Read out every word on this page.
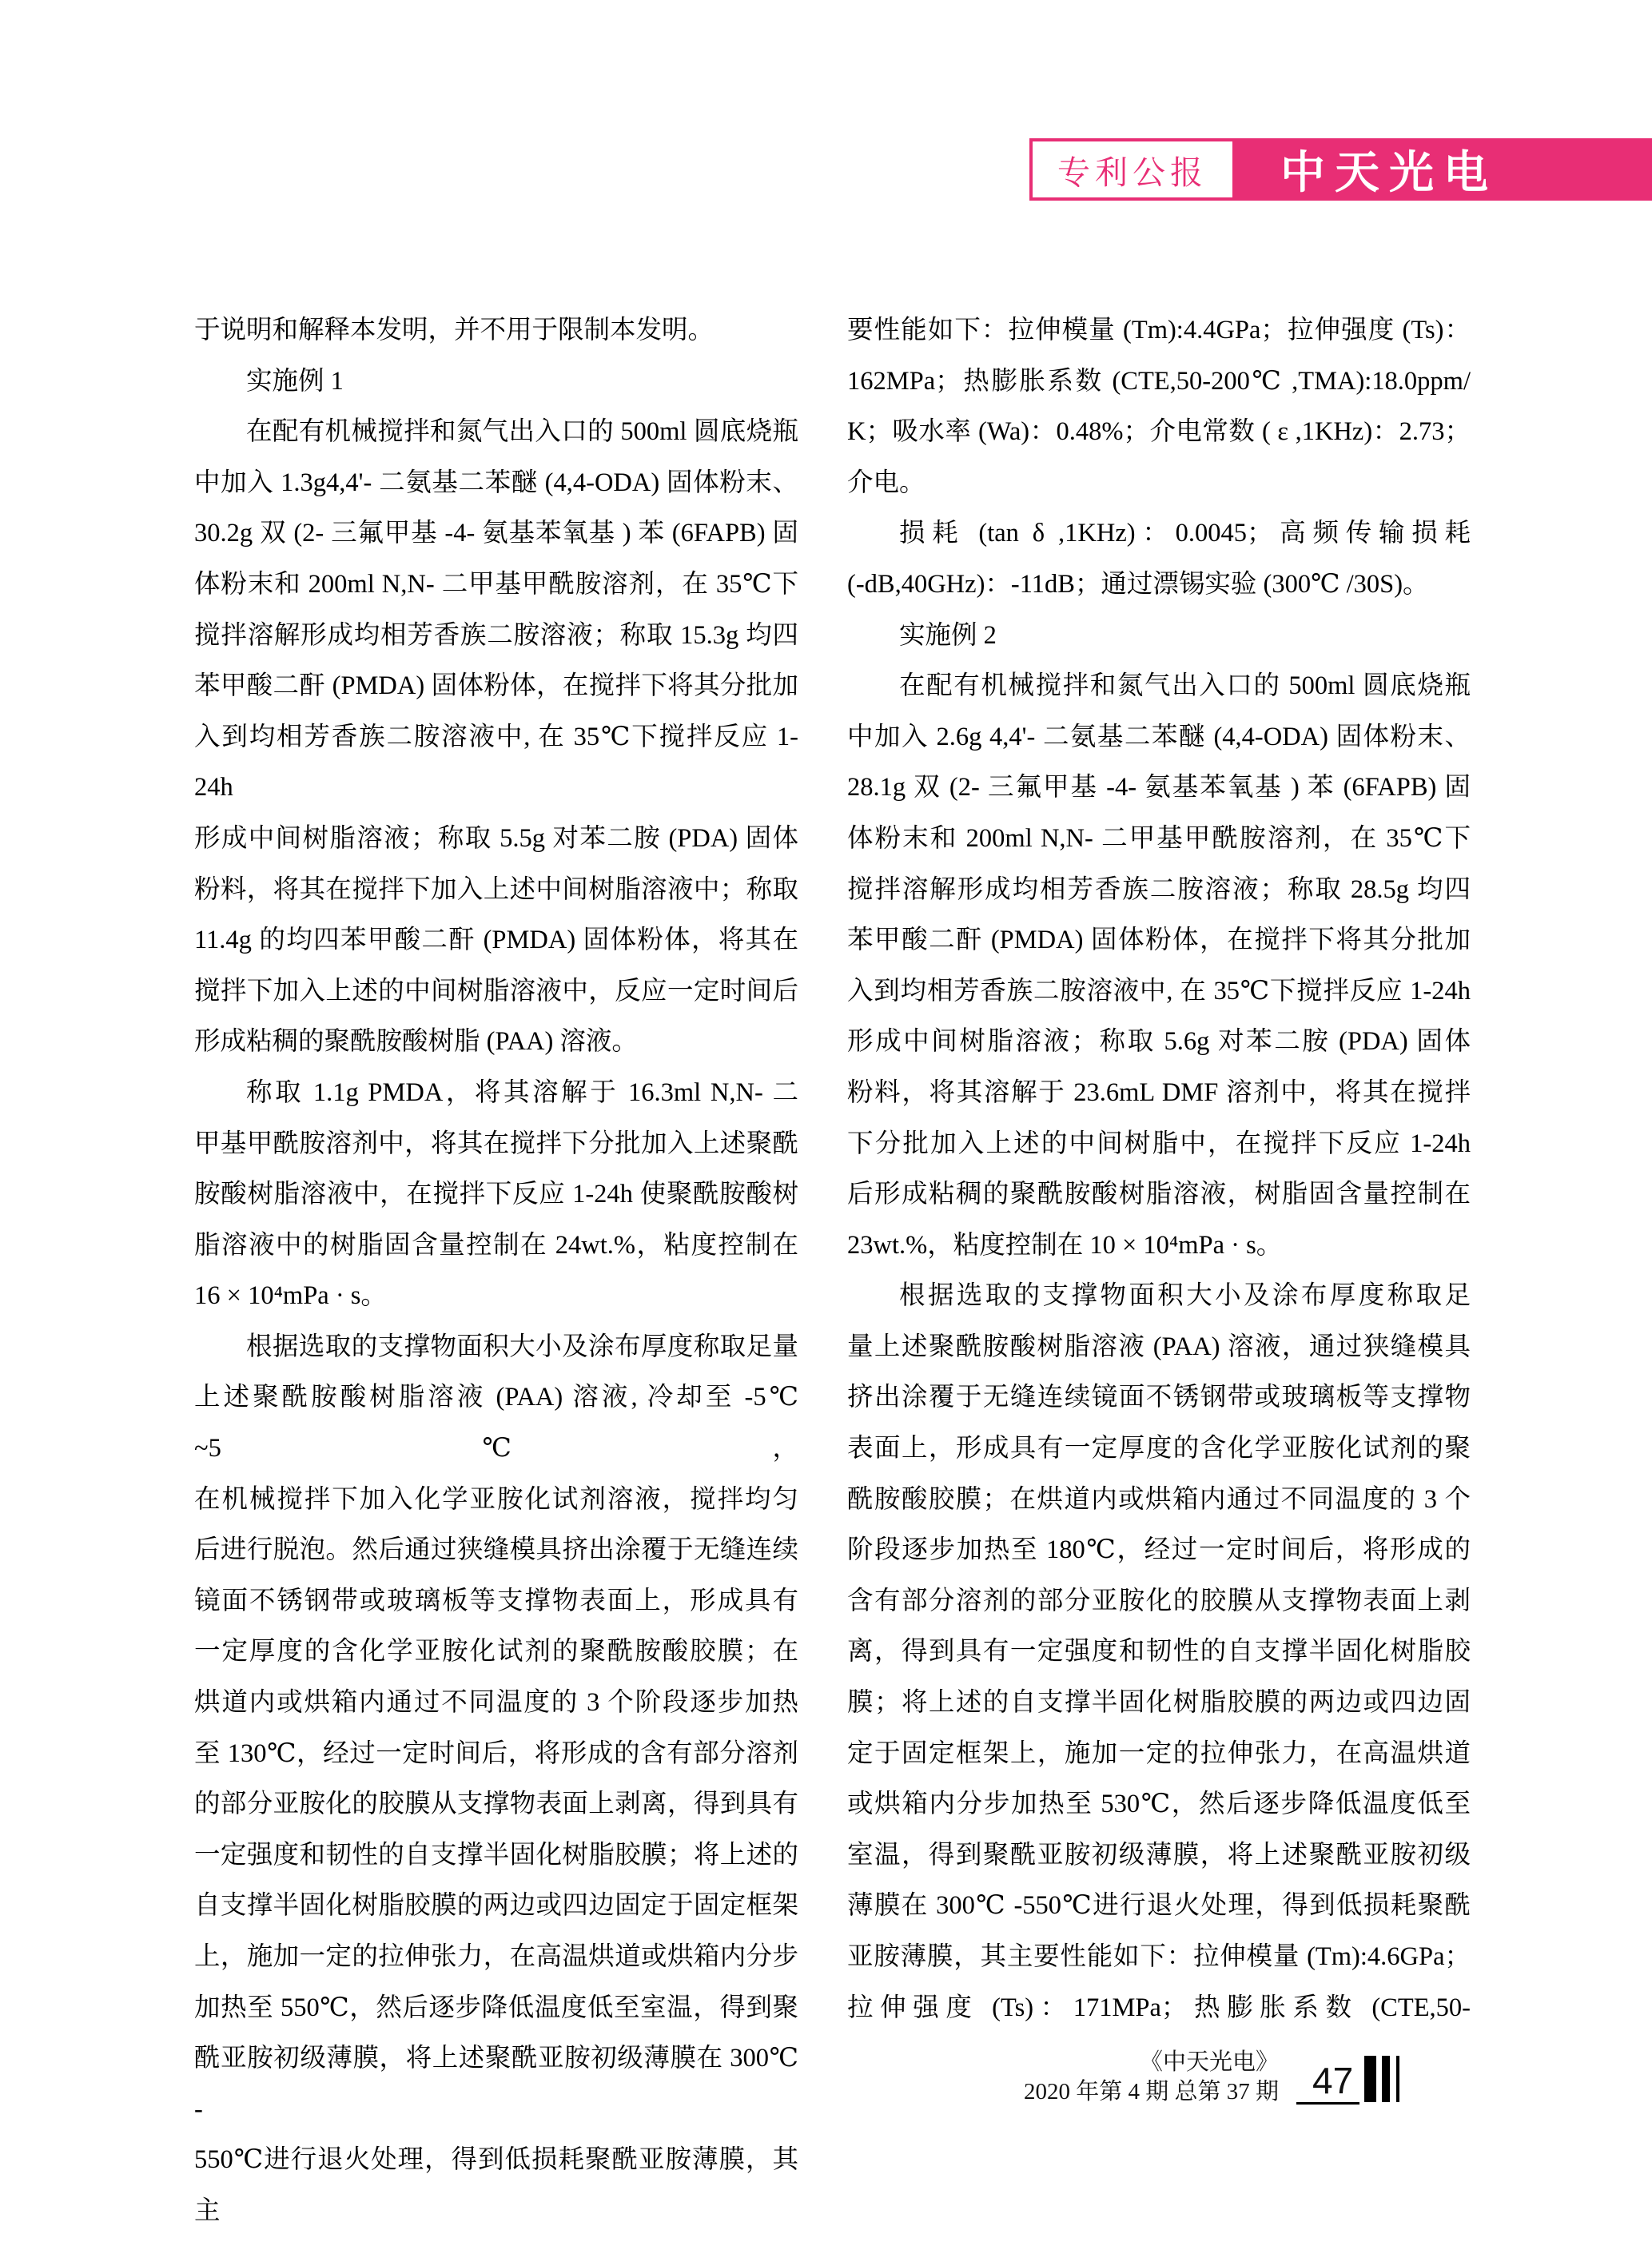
专利公报	中天光电
于说明和解释本发明，并不用于限制本发明。
实施例 1
在配有机械搅拌和氮气出入口的 500ml 圆底烧瓶
中加入 1.3g4,4'- 二氨基二苯醚 (4,4-ODA) 固体粉末、
30.2g 双 (2- 三氟甲基 -4- 氨基苯氧基 ) 苯 (6FAPB) 固
体粉末和 200ml N,N- 二甲基甲酰胺溶剂，在 35℃下
搅拌溶解形成均相芳香族二胺溶液；称取 15.3g 均四
苯甲酸二酐 (PMDA) 固体粉体，在搅拌下将其分批加
入到均相芳香族二胺溶液中, 在 35℃下搅拌反应 1-24h
形成中间树脂溶液；称取 5.5g 对苯二胺 (PDA) 固体
粉料，将其在搅拌下加入上述中间树脂溶液中；称取
11.4g 的均四苯甲酸二酐 (PMDA) 固体粉体，将其在
搅拌下加入上述的中间树脂溶液中，反应一定时间后
形成粘稠的聚酰胺酸树脂 (PAA) 溶液。
称取 1.1g PMDA，将其溶解于 16.3ml N,N- 二
甲基甲酰胺溶剂中，将其在搅拌下分批加入上述聚酰
胺酸树脂溶液中，在搅拌下反应 1-24h 使聚酰胺酸树
脂溶液中的树脂固含量控制在 24wt.%，粘度控制在
16 × 10⁴mPa · s。
根据选取的支撑物面积大小及涂布厚度称取足量
上述聚酰胺酸树脂溶液 (PAA) 溶液, 冷却至 -5℃ ~5℃，
在机械搅拌下加入化学亚胺化试剂溶液，搅拌均匀
后进行脱泡。然后通过狭缝模具挤出涂覆于无缝连续
镜面不锈钢带或玻璃板等支撑物表面上，形成具有
一定厚度的含化学亚胺化试剂的聚酰胺酸胶膜；在
烘道内或烘箱内通过不同温度的 3 个阶段逐步加热
至 130℃，经过一定时间后，将形成的含有部分溶剂
的部分亚胺化的胶膜从支撑物表面上剥离，得到具有
一定强度和韧性的自支撑半固化树脂胶膜；将上述的
自支撑半固化树脂胶膜的两边或四边固定于固定框架
上，施加一定的拉伸张力，在高温烘道或烘箱内分步
加热至 550℃，然后逐步降低温度低至室温，得到聚
酰亚胺初级薄膜，将上述聚酰亚胺初级薄膜在 300℃ -
550℃进行退火处理，得到低损耗聚酰亚胺薄膜，其主
要性能如下：拉伸模量 (Tm):4.4GPa；拉伸强度 (Ts)：
162MPa；热膨胀系数 (CTE,50-200℃ ,TMA):18.0ppm/
K；吸水率 (Wa)：0.48%；介电常数 ( ε ,1KHz)：2.73；
介电。
损耗 (tan δ ,1KHz)：0.0045；高频传输损耗
(-dB,40GHz)：-11dB；通过漂锡实验 (300℃ /30S)。
实施例 2
在配有机械搅拌和氮气出入口的 500ml 圆底烧瓶
中加入 2.6g 4,4'- 二氨基二苯醚 (4,4-ODA) 固体粉末、
28.1g 双 (2- 三氟甲基 -4- 氨基苯氧基 ) 苯 (6FAPB) 固
体粉末和 200ml N,N- 二甲基甲酰胺溶剂，在 35℃下
搅拌溶解形成均相芳香族二胺溶液；称取 28.5g 均四
苯甲酸二酐 (PMDA) 固体粉体，在搅拌下将其分批加
入到均相芳香族二胺溶液中, 在 35℃下搅拌反应 1-24h
形成中间树脂溶液；称取 5.6g 对苯二胺 (PDA) 固体
粉料，将其溶解于 23.6mL DMF 溶剂中，将其在搅拌
下分批加入上述的中间树脂中，在搅拌下反应 1-24h
后形成粘稠的聚酰胺酸树脂溶液，树脂固含量控制在
23wt.%，粘度控制在 10 × 10⁴mPa · s。
根据选取的支撑物面积大小及涂布厚度称取足
量上述聚酰胺酸树脂溶液 (PAA) 溶液，通过狭缝模具
挤出涂覆于无缝连续镜面不锈钢带或玻璃板等支撑物
表面上，形成具有一定厚度的含化学亚胺化试剂的聚
酰胺酸胶膜；在烘道内或烘箱内通过不同温度的 3 个
阶段逐步加热至 180℃，经过一定时间后，将形成的
含有部分溶剂的部分亚胺化的胶膜从支撑物表面上剥
离，得到具有一定强度和韧性的自支撑半固化树脂胶
膜；将上述的自支撑半固化树脂胶膜的两边或四边固
定于固定框架上，施加一定的拉伸张力，在高温烘道
或烘箱内分步加热至 530℃，然后逐步降低温度低至
室温，得到聚酰亚胺初级薄膜，将上述聚酰亚胺初级
薄膜在 300℃ -550℃进行退火处理，得到低损耗聚酰
亚胺薄膜，其主要性能如下：拉伸模量 (Tm):4.6GPa；
拉伸强度 (Ts)：171MPa；热膨胀系数 (CTE,50-
《中天光电》
2020 年第 4 期 总第 37 期 47
